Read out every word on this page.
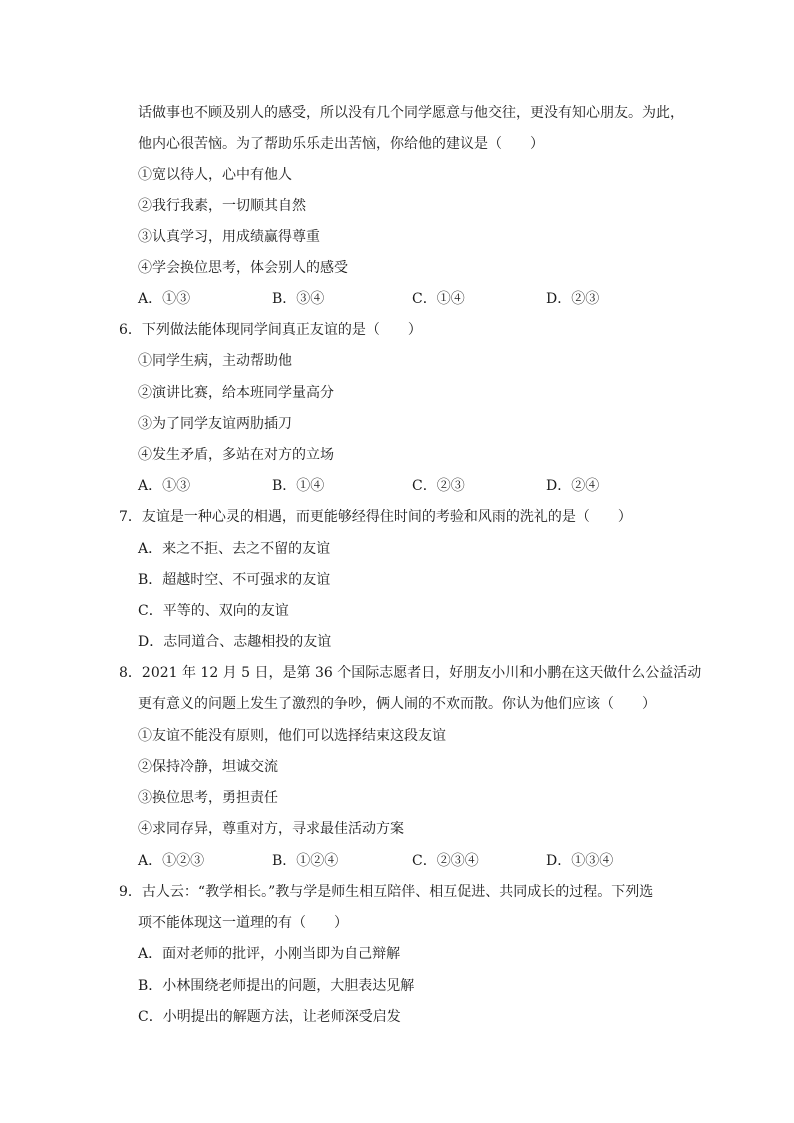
话做事也不顾及别人的感受，所以没有几个同学愿意与他交往，更没有知心朋友。为此，
他内心很苦恼。为了帮助乐乐走出苦恼，你给他的建议是（　　）
①宽以待人，心中有他人
②我行我素，一切顺其自然
③认真学习，用成绩赢得尊重
④学会换位思考，体会别人的感受
A．①③	B．③④	C．①④	D．②③
6．下列做法能体现同学间真正友谊的是（　　）
①同学生病，主动帮助他
②演讲比赛，给本班同学量高分
③为了同学友谊两肋插刀
④发生矛盾，多站在对方的立场
A．①③	B．①④	C．②③	D．②④
7．友谊是一种心灵的相遇，而更能够经得住时间的考验和风雨的洗礼的是（　　）
A．来之不拒、去之不留的友谊
B．超越时空、不可强求的友谊
C．平等的、双向的友谊
D．志同道合、志趣相投的友谊
8．2021 年 12 月 5 日，是第 36 个国际志愿者日，好朋友小川和小鹏在这天做什么公益活动
更有意义的问题上发生了激烈的争吵，俩人闹的不欢而散。你认为他们应该（　　）
①友谊不能没有原则，他们可以选择结束这段友谊
②保持冷静，坦诚交流
③换位思考，勇担责任
④求同存异，尊重对方，寻求最佳活动方案
A．①②③	B．①②④	C．②③④	D．①③④
9．古人云：“教学相长。”教与学是师生相互陪伴、相互促进、共同成长的过程。下列选
项不能体现这一道理的有（　　）
A．面对老师的批评，小刚当即为自己辩解
B．小林围绕老师提出的问题，大胆表达见解
C．小明提出的解题方法，让老师深受启发
